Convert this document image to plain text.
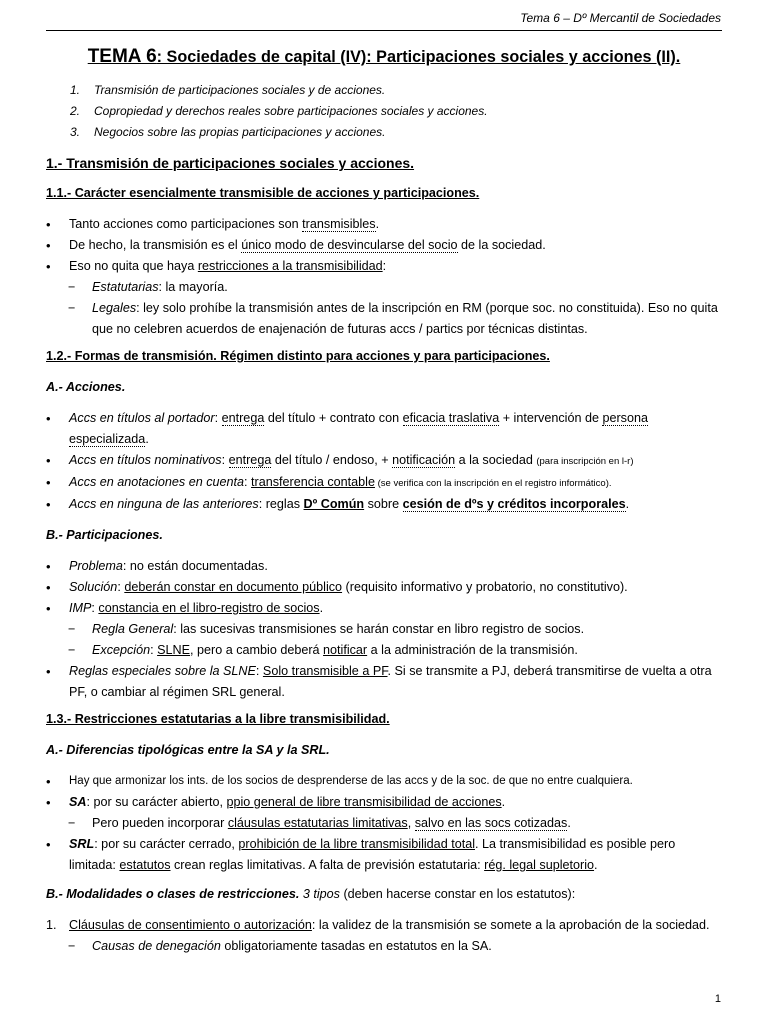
Tema 6 – Dº Mercantil de Sociedades
TEMA 6: Sociedades de capital (IV): Participaciones sociales y acciones (II).
1. Transmisión de participaciones sociales y de acciones.
2. Copropiedad y derechos reales sobre participaciones sociales y acciones.
3. Negocios sobre las propias participaciones y acciones.
1.- Transmisión de participaciones sociales y acciones.
1.1.- Carácter esencialmente transmisible de acciones y participaciones.
• Tanto acciones como participaciones son transmisibles.
• De hecho, la transmisión es el único modo de desvincularse del socio de la sociedad.
• Eso no quita que haya restricciones a la transmisibilidad:
− Estatutarias: la mayoría.
− Legales: ley solo prohíbe la transmisión antes de la inscripción en RM (porque soc. no constituida). Eso no quita que no celebren acuerdos de enajenación de futuras accs / partics por técnicas distintas.
1.2.- Formas de transmisión. Régimen distinto para acciones y para participaciones.
A.- Acciones.
• Accs en títulos al portador: entrega del título + contrato con eficacia traslativa + intervención de persona especializada.
• Accs en títulos nominativos: entrega del título / endoso, + notificación a la sociedad (para inscripción en l-r)
• Accs en anotaciones en cuenta: transferencia contable (se verifica con la inscripción en el registro informático).
• Accs en ninguna de las anteriores: reglas Dº Común sobre cesión de dºs y créditos incorporales.
B.- Participaciones.
• Problema: no están documentadas.
• Solución: deberán constar en documento público (requisito informativo y probatorio, no constitutivo).
• IMP: constancia en el libro-registro de socios.
− Regla General: las sucesivas transmisiones se harán constar en libro registro de socios.
− Excepción: SLNE, pero a cambio deberá notificar a la administración de la transmisión.
• Reglas especiales sobre la SLNE: Solo transmisible a PF. Si se transmite a PJ, deberá transmitirse de vuelta a otra PF, o cambiar al régimen SRL general.
1.3.- Restricciones estatutarias a la libre transmisibilidad.
A.- Diferencias tipológicas entre la SA y la SRL.
• Hay que armonizar los ints. de los socios de desprenderse de las accs y de la soc. de que no entre cualquiera.
• SA: por su carácter abierto, ppio general de libre transmisibilidad de acciones.
− Pero pueden incorporar cláusulas estatutarias limitativas, salvo en las socs cotizadas.
• SRL: por su carácter cerrado, prohibición de la libre transmisibilidad total. La transmisibilidad es posible pero limitada: estatutos crean reglas limitativas. A falta de previsión estatutaria: rég. legal supletorio.
B.- Modalidades o clases de restricciones. 3 tipos (deben hacerse constar en los estatutos):
1. Cláusulas de consentimiento o autorización: la validez de la transmisión se somete a la aprobación de la sociedad.
− Causas de denegación obligatoriamente tasadas en estatutos en la SA.
1
